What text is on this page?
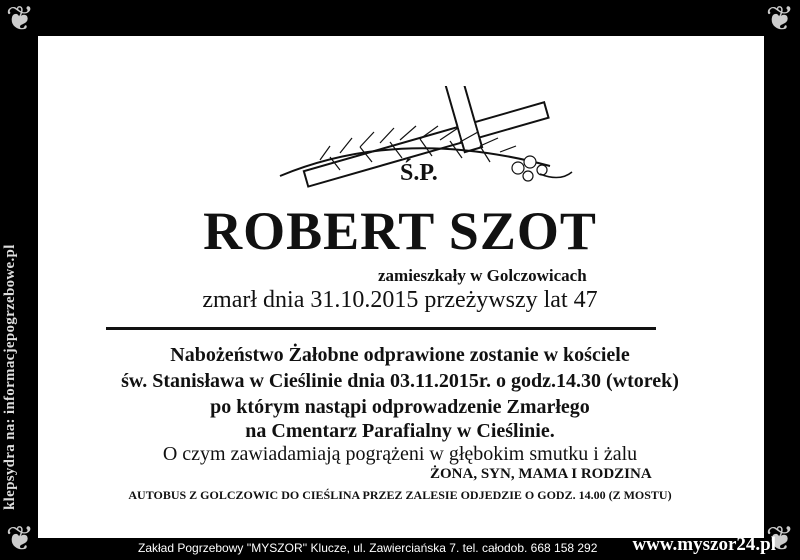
❦	❦
❦	❦
klepsydra na: informacjepogrzebowe.pl
Ś.P.
ROBERT SZOT
zamieszkały w Golczowicach
zmarł dnia 31.10.2015 przeżywszy lat 47
Nabożeństwo Żałobne odprawione zostanie w kościele
św. Stanisława w Cieślinie dnia 03.11.2015r. o godz.14.30 (wtorek)
po którym nastąpi odprowadzenie Zmarłego
na Cmentarz Parafialny w Cieślinie.
O czym zawiadamiają pogrążeni w głębokim smutku i żalu
ŻONA, SYN, MAMA I RODZINA
AUTOBUS Z GOLCZOWIC DO CIEŚLINA PRZEZ ZALESIE ODJEDZIE O GODZ. 14.00 (Z MOSTU)
Zakład Pogrzebowy ''MYSZOR'' Klucze, ul. Zawierciańska 7. tel. całodob. 668 158 292 www.myszor24.pl
